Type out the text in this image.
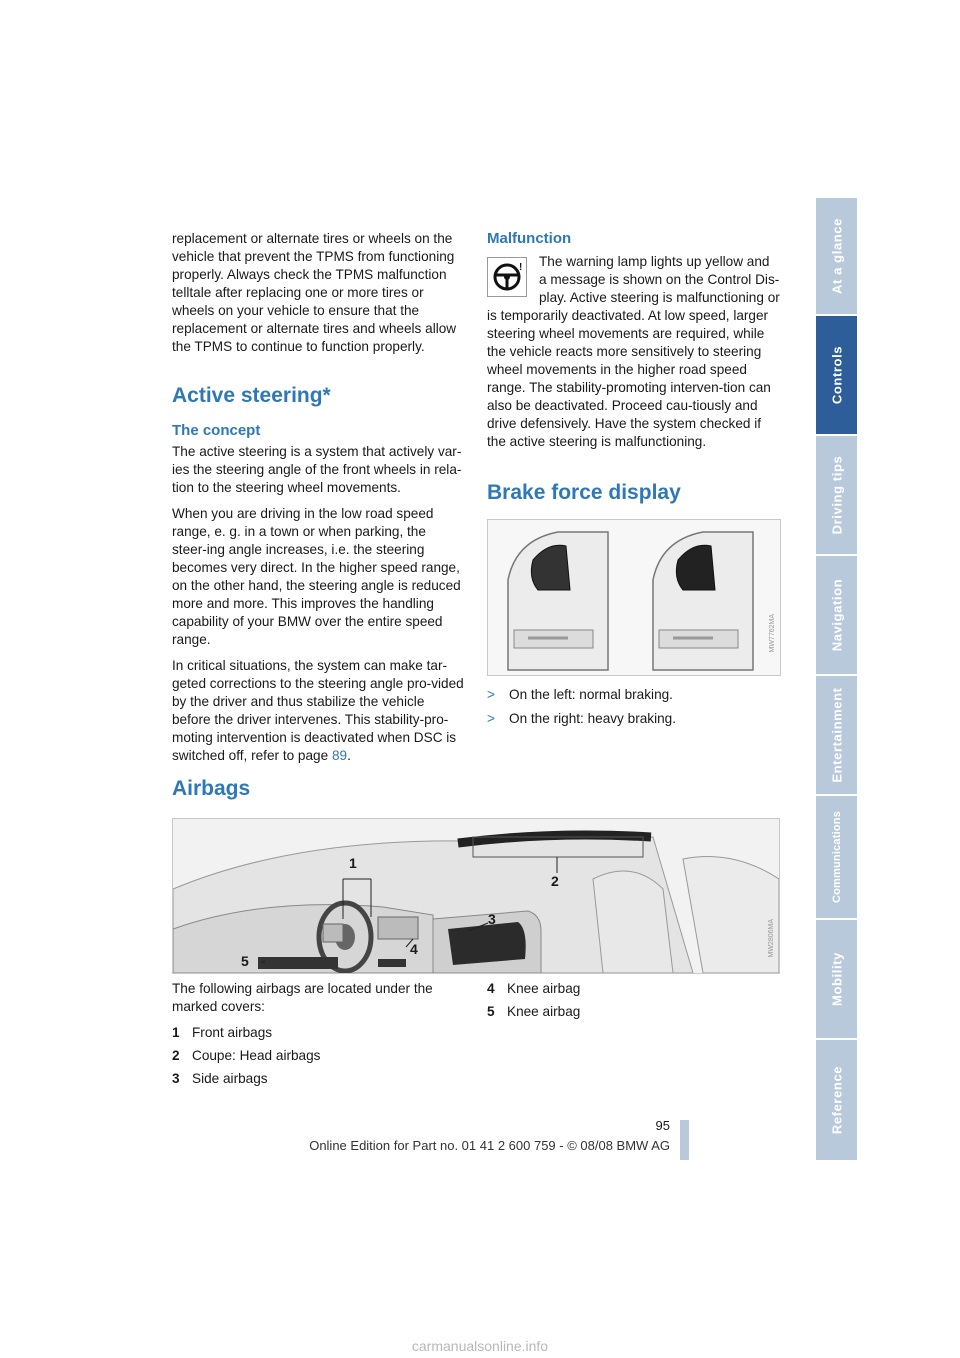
replacement or alternate tires or wheels on the vehicle that prevent the TPMS from functioning properly. Always check the TPMS malfunction telltale after replacing one or more tires or wheels on your vehicle to ensure that the replacement or alternate tires and wheels allow the TPMS to continue to function properly.

Active steering*
The concept

The active steering is a system that actively var-ies the steering angle of the front wheels in rela-tion to the steering wheel movements.

When you are driving in the low road speed range, e. g. in a town or when parking, the steer-ing angle increases, i.e. the steering becomes very direct. In the higher speed range, on the other hand, the steering angle is reduced more and more. This improves the handling capability of your BMW over the entire speed range.

In critical situations, the system can make tar-geted corrections to the steering angle pro-vided by the driver and thus stabilize the vehicle before the driver intervenes. This stability-pro-moting intervention is deactivated when DSC is switched off, refer to page 89.

Malfunction
!	The warning lamp lights up yellow and a message is shown on the Control Dis-play. Active steering is malfunctioning or is temporarily deactivated. At low speed, larger steering wheel movements are required, while the vehicle reacts more sensitively to steering wheel movements in the higher road speed range. The stability-promoting interven-tion can also be deactivated. Proceed cau-tiously and drive defensively. Have the system checked if the active steering is malfunctioning.

Brake force display
MW7762MA
>	On the left: normal braking.
>	On the right: heavy braking.
Airbags
1
2
3
4
5
MW2806MA

The following airbags are located under the marked covers:

1 Front airbags
2 Coupe: Head airbags
3 Side airbags
4 Knee airbag
5 Knee airbag
At a glance
Controls
Driving tips
Navigation
Entertainment
Communications
Mobility
Reference
95
Online Edition for Part no. 01 41 2 600 759 - © 08/08 BMW AG
carmanualsonline.info
